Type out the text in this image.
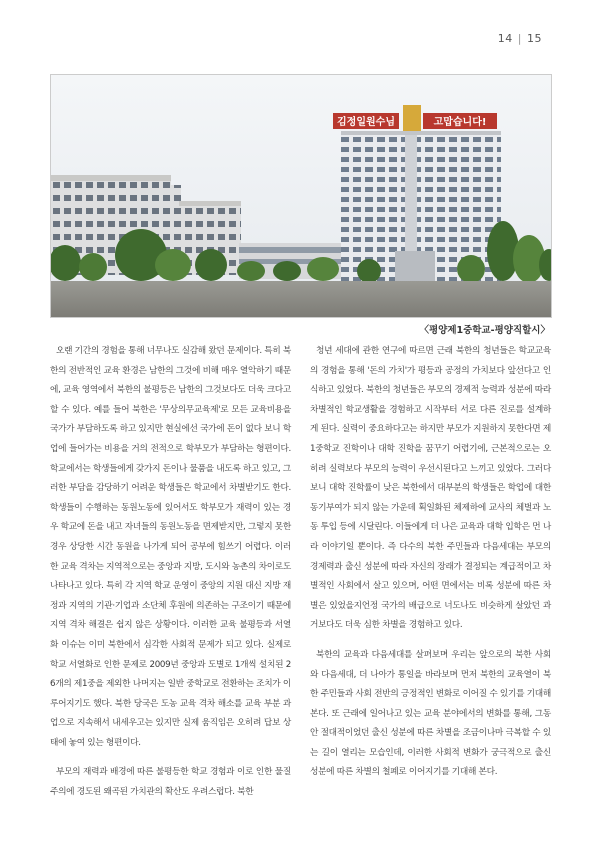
14 | 15
김정일원수님	고맙습니다!
〈평양제1중학교-평양직할시〉

오랜 기간의 경험을 통해 너무나도 실감해 왔던 문제이다. 특히 북한의 전반적인 교육 환경은 남한의 그것에 비해 매우 열악하기 때문에, 교육 영역에서 북한의 불평등은 남한의 그것보다도 더욱 크다고 할 수 있다. 예를 들어 북한은 '무상의무교육제'로 모든 교육비용을 국가가 부담하도록 하고 있지만 현실에선 국가에 돈이 없다 보니 학업에 들어가는 비용을 거의 전적으로 학부모가 부담하는 형편이다. 학교에서는 학생들에게 갖가지 돈이나 물품을 내도록 하고 있고, 그러한 부담을 감당하기 어려운 학생들은 학교에서 차별받기도 한다. 학생들이 수행하는 동원노동에 있어서도 학부모가 재력이 있는 경우 학교에 돈을 내고 자녀들의 동원노동을 면제받지만, 그렇지 못한 경우 상당한 시간 동원을 나가게 되어 공부에 힘쓰기 어렵다. 이러한 교육 격차는 지역적으로는 중앙과 지방, 도시와 농촌의 차이로도 나타나고 있다. 특히 각 지역 학교 운영이 중앙의 지원 대신 지방 재정과 지역의 기관·기업과 소단체 후원에 의존하는 구조이기 때문에 지역 격차 해결은 쉽지 않은 상황이다. 이러한 교육 불평등과 서열화 이슈는 이미 북한에서 심각한 사회적 문제가 되고 있다. 실제로 학교 서열화로 인한 문제로 2009년 중앙과 도별로 1개씩 설치된 26개의 제1중을 제외한 나머지는 일반 중학교로 전환하는 조치가 이루어지기도 했다. 북한 당국은 도농 교육 격차 해소를 교육 부분 과업으로 지속해서 내세우고는 있지만 실제 움직임은 오히려 답보 상태에 놓여 있는 형편이다.

부모의 재력과 배경에 따른 불평등한 학교 경험과 이로 인한 물질주의에 경도된 왜곡된 가치관의 확산도 우려스럽다. 북한

청년 세대에 관한 연구에 따르면 근래 북한의 청년들은 학교교육의 경험을 통해 '돈의 가치'가 평등과 공정의 가치보다 앞선다고 인식하고 있었다. 북한의 청년들은 부모의 경제적 능력과 성분에 따라 차별적인 학교생활을 경험하고 시작부터 서로 다른 진로를 설계하게 된다. 실력이 중요하다고는 하지만 부모가 지원하지 못한다면 제1중학교 진학이나 대학 진학을 꿈꾸기 어렵기에, 근본적으로는 오히려 실력보다 부모의 능력이 우선시된다고 느끼고 있었다. 그러다 보니 대학 진학률이 낮은 북한에서 대부분의 학생들은 학업에 대한 동기부여가 되지 않는 가운데 획일화된 체제하에 교사의 체벌과 노동 투입 등에 시달린다. 이들에게 더 나은 교육과 대학 입학은 먼 나라 이야기일 뿐이다. 즉 다수의 북한 주민들과 다음세대는 부모의 경제력과 출신 성분에 따라 자신의 장래가 결정되는 계급적이고 차별적인 사회에서 살고 있으며, 어떤 면에서는 비록 성분에 따른 차별은 있었을지언정 국가의 배급으로 너도나도 비슷하게 살았던 과거보다도 더욱 심한 차별을 경험하고 있다.

북한의 교육과 다음세대를 살펴보며 우리는 앞으로의 북한 사회와 다음세대, 더 나아가 통일을 바라보며 먼저 북한의 교육열이 북한 주민들과 사회 전반의 긍정적인 변화로 이어질 수 있기를 기대해 본다. 또 근래에 일어나고 있는 교육 분야에서의 변화를 통해, 그동안 절대적이었던 출신 성분에 따른 차별을 조금이나마 극복할 수 있는 길이 열리는 모습인데, 이러한 사회적 변화가 궁극적으로 출신 성분에 따른 차별의 철폐로 이어지기를 기대해 본다.
